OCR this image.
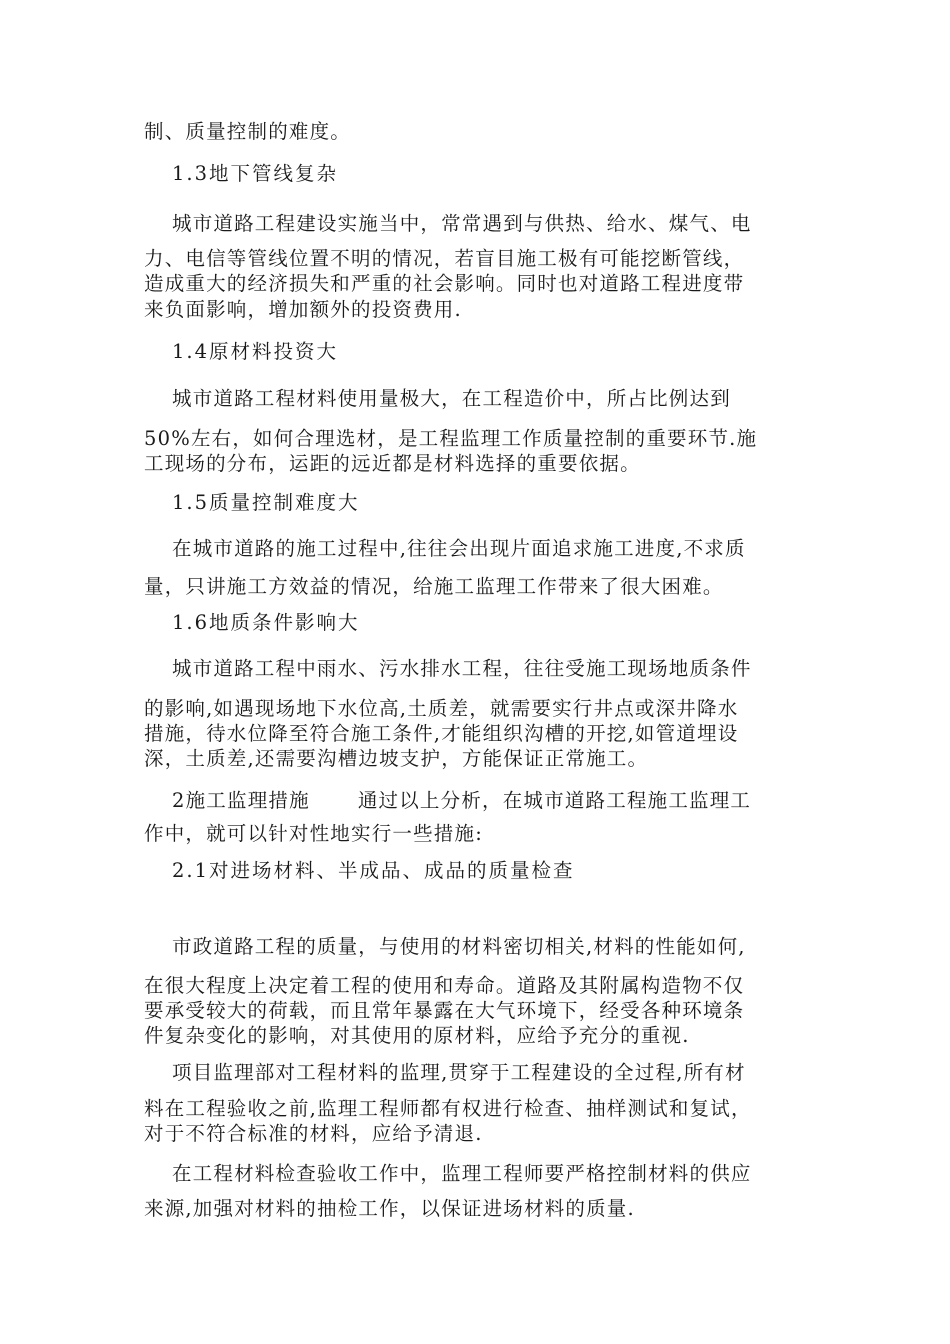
制、质量控制的难度。
1.3地下管线复杂
城市道路工程建设实施当中，常常遇到与供热、给水、煤气、电
力、电信等管线位置不明的情况，若盲目施工极有可能挖断管线，
造成重大的经济损失和严重的社会影响。同时也对道路工程进度带
来负面影响，增加额外的投资费用.
1.4原材料投资大
城市道路工程材料使用量极大，在工程造价中，所占比例达到
50%左右，如何合理选材，是工程监理工作质量控制的重要环节.施
工现场的分布，运距的远近都是材料选择的重要依据。
1.5质量控制难度大
在城市道路的施工过程中,往往会出现片面追求施工进度,不求质
量，只讲施工方效益的情况，给施工监理工作带来了很大困难。
1.6地质条件影响大
城市道路工程中雨水、污水排水工程，往往受施工现场地质条件
的影响,如遇现场地下水位高,土质差，就需要实行井点或深井降水
措施，待水位降至符合施工条件,才能组织沟槽的开挖,如管道埋设
深，土质差,还需要沟槽边坡支护，方能保证正常施工。
2施工监理措施 通过以上分析，在城市道路工程施工监理工
作中，就可以针对性地实行一些措施:
2.1对进场材料、半成品、成品的质量检查
市政道路工程的质量，与使用的材料密切相关,材料的性能如何,
在很大程度上决定着工程的使用和寿命。道路及其附属构造物不仅
要承受较大的荷载，而且常年暴露在大气环境下，经受各种环境条
件复杂变化的影响，对其使用的原材料，应给予充分的重视.
项目监理部对工程材料的监理,贯穿于工程建设的全过程,所有材
料在工程验收之前,监理工程师都有权进行检查、抽样测试和复试，
对于不符合标准的材料，应给予清退.
在工程材料检查验收工作中，监理工程师要严格控制材料的供应
来源,加强对材料的抽检工作，以保证进场材料的质量.
